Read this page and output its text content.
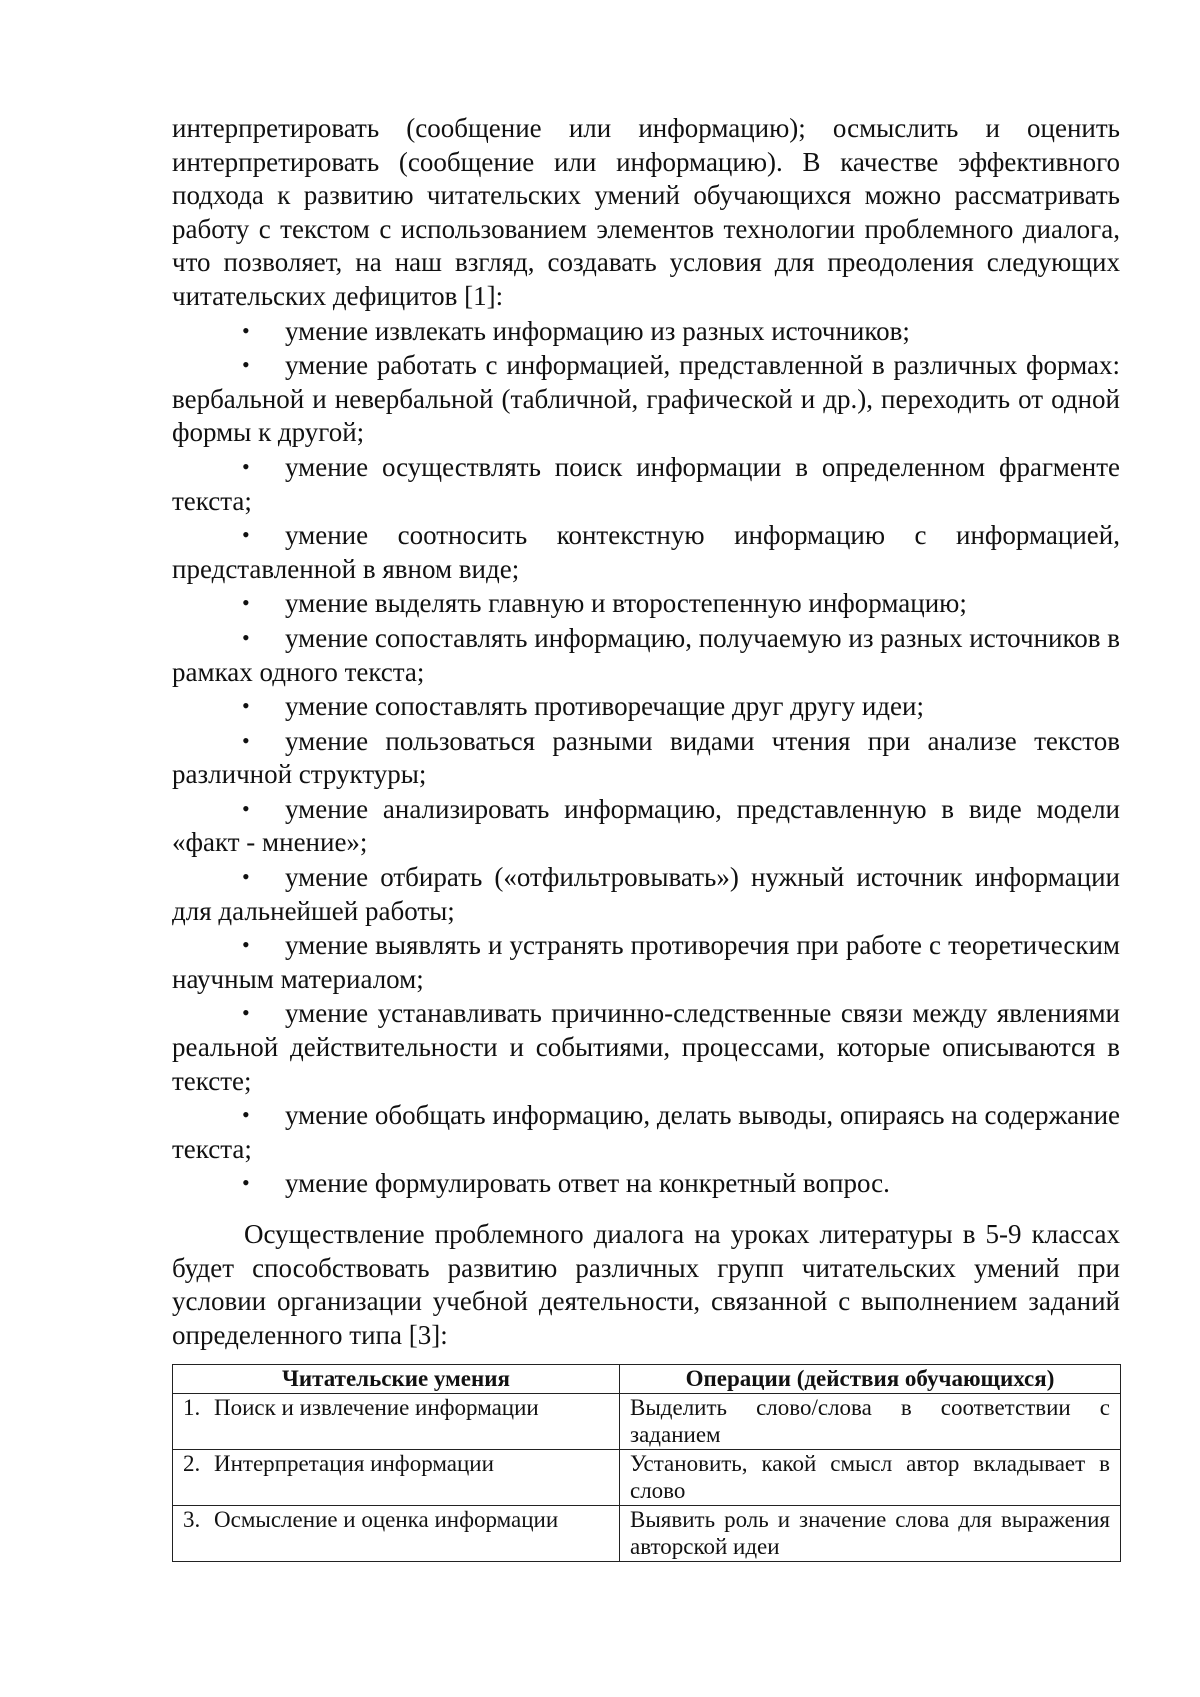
интерпретировать (сообщение или информацию); осмыслить и оценить интерпретировать (сообщение или информацию). В качестве эффективного подхода к развитию читательских умений обучающихся можно рассматривать работу с текстом с использованием элементов технологии проблемного диалога, что позволяет, на наш взгляд, создавать условия для преодоления следующих читательских дефицитов [1]:

• умение извлекать информацию из разных источников;
• умение работать с информацией, представленной в различных формах: вербальной и невербальной (табличной, графической и др.), переходить от одной формы к другой;
• умение осуществлять поиск информации в определенном фрагменте текста;
• умение соотносить контекстную информацию с информацией, представленной в явном виде;
• умение выделять главную и второстепенную информацию;
• умение сопоставлять информацию, получаемую из разных источников в рамках одного текста;
• умение сопоставлять противоречащие друг другу идеи;
• умение пользоваться разными видами чтения при анализе текстов различной структуры;
• умение анализировать информацию, представленную в виде модели «факт - мнение»;
• умение отбирать («отфильтровывать») нужный источник информации для дальнейшей работы;
• умение выявлять и устранять противоречия при работе с теоретическим научным материалом;
• умение устанавливать причинно-следственные связи между явлениями реальной действительности и событиями, процессами, которые описываются в тексте;
• умение обобщать информацию, делать выводы, опираясь на содержание текста;
• умение формулировать ответ на конкретный вопрос.

Осуществление проблемного диалога на уроках литературы в 5-9 классах будет способствовать развитию различных групп читательских умений при условии организации учебной деятельности, связанной с выполнением заданий определенного типа [3]:

Читательские умения	Операции (действия обучающихся)
1. Поиск и извлечение информации	Выделить слово/слова в соответствии с заданием
2. Интерпретация информации	Установить, какой смысл автор вкладывает в слово
3. Осмысление и оценка информации	Выявить роль и значение слова для выражения авторской идеи
